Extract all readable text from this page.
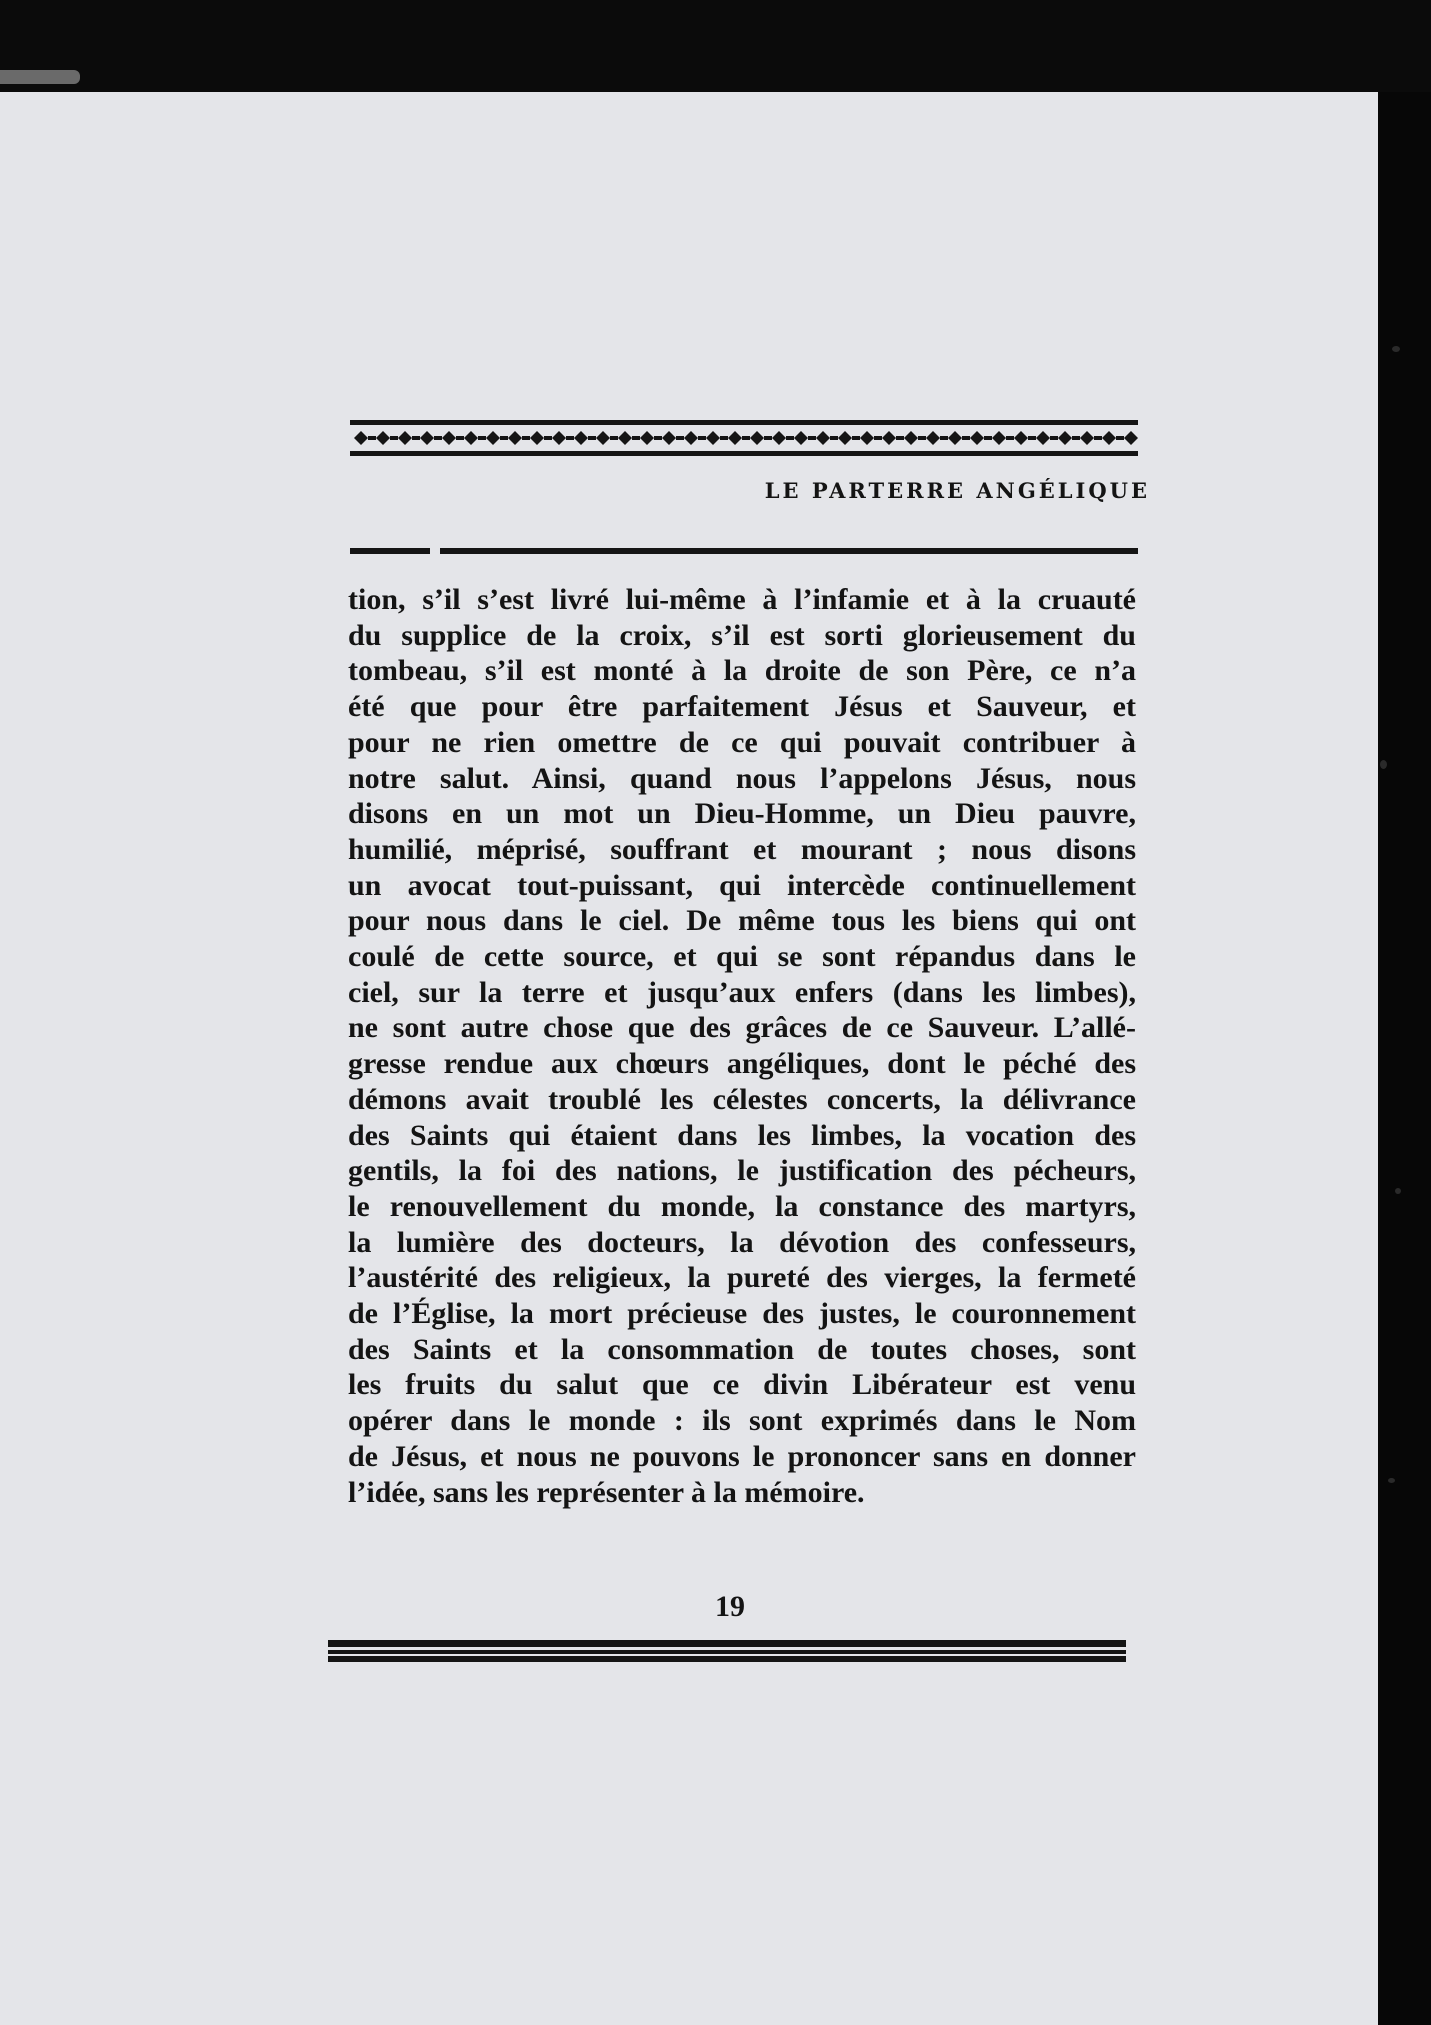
LE PARTERRE ANGÉLIQUE
tion, s’il s’est livré lui-même à l’infamie et à la cruauté
du supplice de la croix, s’il est sorti glorieusement du
tombeau, s’il est monté à la droite de son Père, ce n’a
été que pour être parfaitement Jésus et Sauveur, et
pour ne rien omettre de ce qui pouvait contribuer à
notre salut. Ainsi, quand nous l’appelons Jésus, nous
disons en un mot un Dieu-Homme, un Dieu pauvre,
humilié, méprisé, souffrant et mourant ; nous disons
un avocat tout-puissant, qui intercède continuellement
pour nous dans le ciel. De même tous les biens qui ont
coulé de cette source, et qui se sont répandus dans le
ciel, sur la terre et jusqu’aux enfers (dans les limbes),
ne sont autre chose que des grâces de ce Sauveur. L’allé-
gresse rendue aux chœurs angéliques, dont le péché des
démons avait troublé les célestes concerts, la délivrance
des Saints qui étaient dans les limbes, la vocation des
gentils, la foi des nations, le justification des pécheurs,
le renouvellement du monde, la constance des martyrs,
la lumière des docteurs, la dévotion des confesseurs,
l’austérité des religieux, la pureté des vierges, la fermeté
de l’Église, la mort précieuse des justes, le couronnement
des Saints et la consommation de toutes choses, sont
les fruits du salut que ce divin Libérateur est venu
opérer dans le monde : ils sont exprimés dans le Nom
de Jésus, et nous ne pouvons le prononcer sans en donner
l’idée, sans les représenter à la mémoire.
19
